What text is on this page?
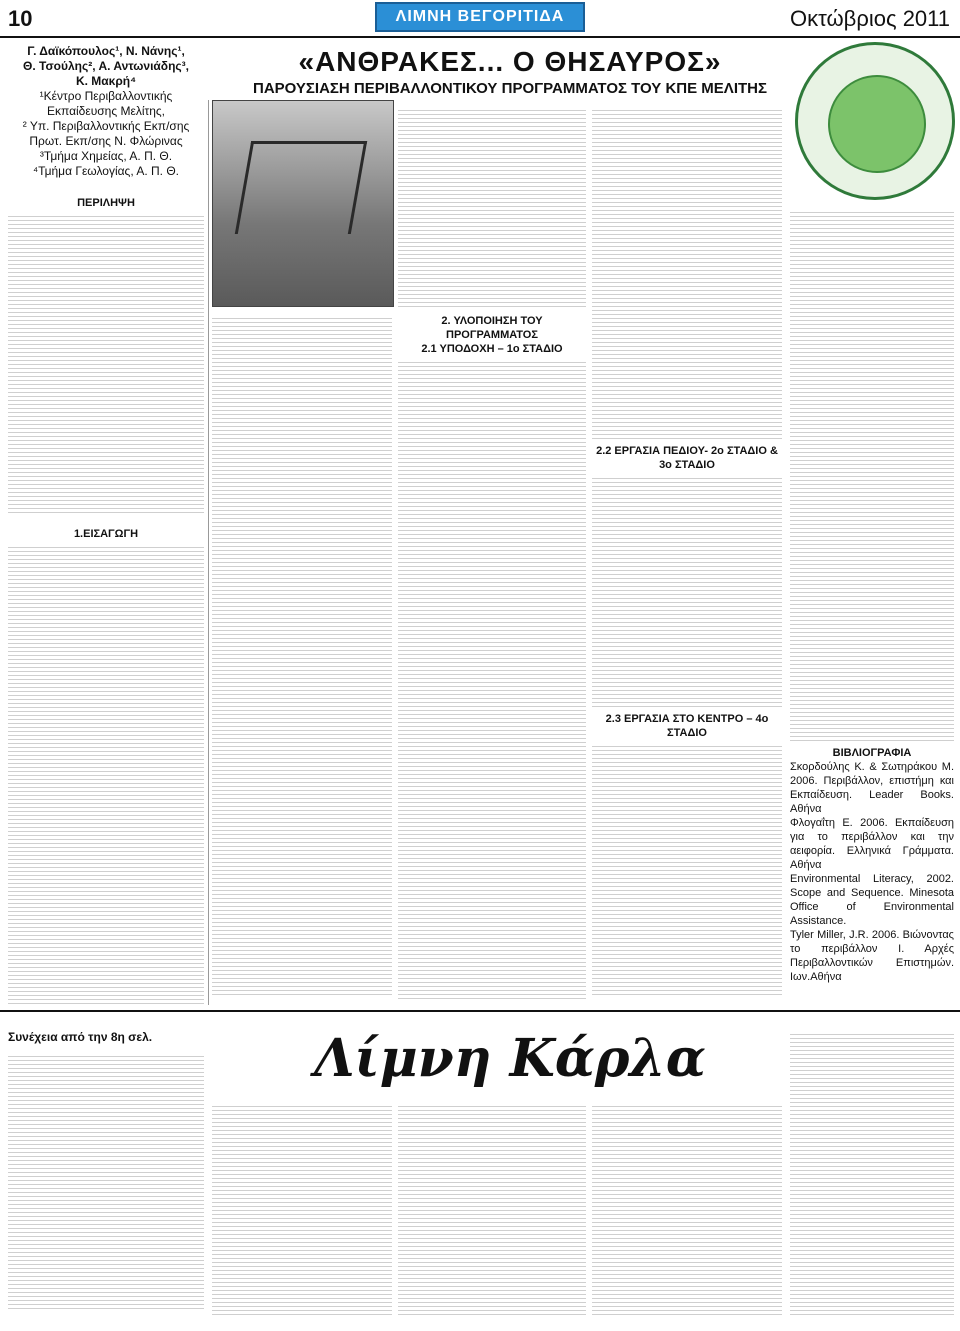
10	ΛΙΜΝΗ ΒΕΓΟΡΙΤΙΔΑ	Οκτώβριος 2011
«ΑΝΘΡΑΚΕΣ... Ο ΘΗΣΑΥΡΟΣ»
ΠΑΡΟΥΣΙΑΣΗ ΠΕΡΙΒΑΛΛΟΝΤΙΚΟΥ ΠΡΟΓΡΑΜΜΑΤΟΣ ΤΟΥ ΚΠΕ ΜΕΛΙΤΗΣ
Γ. Δαϊκόπουλος¹, Ν. Νάνης¹,
Θ. Τσούλης², Α. Αντωνιάδης³,
Κ. Μακρή⁴
¹Κέντρο Περιβαλλοντικής Εκπαίδευσης Μελίτης,
² Υπ. Περιβαλλοντικής Εκπ/σης Πρωτ. Εκπ/σης Ν. Φλώρινας
³Τμήμα Χημείας, Α. Π. Θ.
⁴Τμήμα Γεωλογίας, Α. Π. Θ.
ΠΕΡΙΛΗΨΗ
1.ΕΙΣΑΓΩΓΗ
2. ΥΛΟΠΟΙΗΣΗ ΤΟΥ ΠΡΟΓΡΑΜΜΑΤΟΣ
2.1 ΥΠΟΔΟΧΗ – 1ο ΣΤΑΔΙΟ
2.2 ΕΡΓΑΣΙΑ ΠΕΔΙΟΥ- 2ο ΣΤΑΔΙΟ & 3ο ΣΤΑΔΙΟ
2.3 ΕΡΓΑΣΙΑ ΣΤΟ ΚΕΝΤΡΟ – 4ο ΣΤΑΔΙΟ
ΒΙΒΛΙΟΓΡΑΦΙΑ
Σκορδούλης Κ. & Σωτηράκου Μ. 2006. Περιβάλλον, επιστήμη και Εκπαίδευση. Leader Books. Αθήνα
Φλογαΐτη Ε. 2006. Εκπαίδευση για το περιβάλλον και την αειφορία. Ελληνικά Γράμματα. Αθήνα
Environmental Literacy, 2002. Scope and Sequence. Minesota Office of Environmental Assistance.
Tyler Miller, J.R. 2006. Βιώνοντας το περιβάλλον Ι. Αρχές Περιβαλλοντικών Επιστημών. Ιων.Αθήνα
Συνέχεια από την 8η σελ.	Λίμνη Κάρλα
